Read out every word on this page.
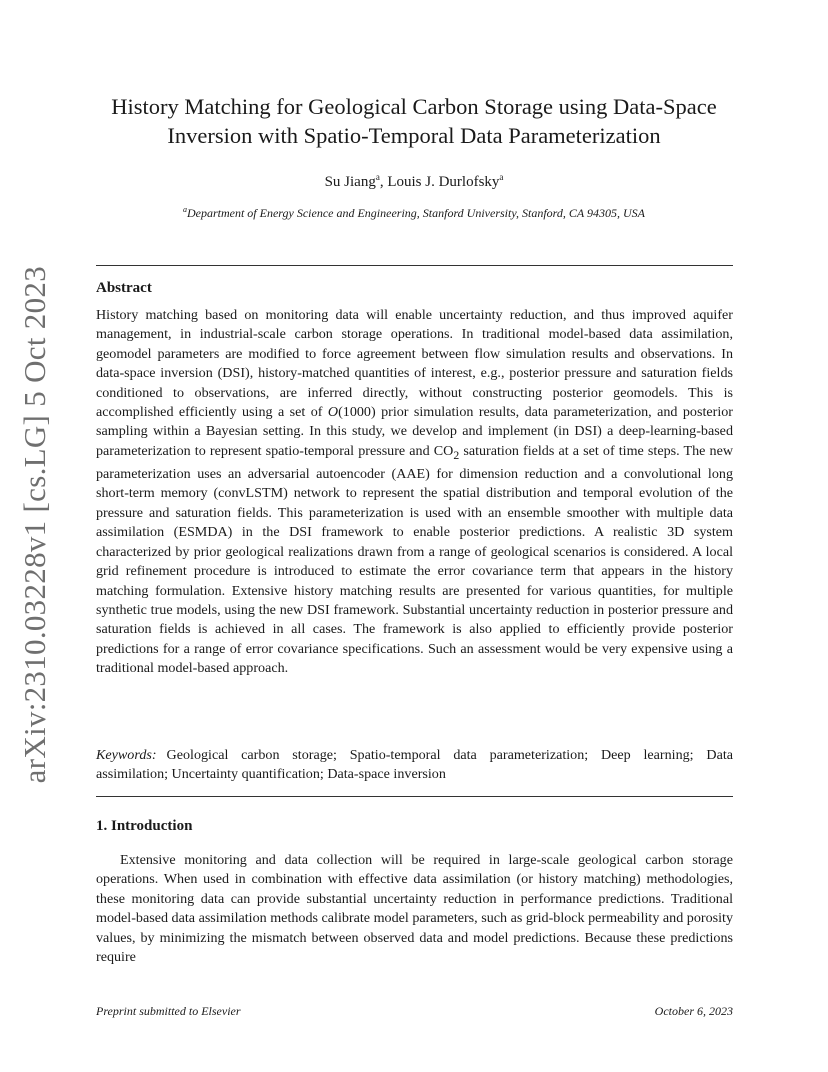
arXiv:2310.03228v1 [cs.LG] 5 Oct 2023
History Matching for Geological Carbon Storage using Data-Space Inversion with Spatio-Temporal Data Parameterization
Su Jiang$^a$, Louis J. Durlofsky$^a$
$^a$Department of Energy Science and Engineering, Stanford University, Stanford, CA 94305, USA
Abstract
History matching based on monitoring data will enable uncertainty reduction, and thus improved aquifer management, in industrial-scale carbon storage operations. In traditional model-based data assimilation, geomodel parameters are modified to force agreement between flow simulation results and observations. In data-space inversion (DSI), history-matched quantities of interest, e.g., posterior pressure and saturation fields conditioned to observations, are inferred directly, without constructing posterior geomodels. This is accomplished efficiently using a set of O(1000) prior simulation results, data parameterization, and posterior sampling within a Bayesian setting. In this study, we develop and implement (in DSI) a deep-learning-based parameterization to represent spatio-temporal pressure and $CO_2$ saturation fields at a set of time steps. The new parameterization uses an adversarial autoencoder (AAE) for dimension reduction and a convolutional long short-term memory (convLSTM) network to represent the spatial distribution and temporal evolution of the pressure and saturation fields. This parameterization is used with an ensemble smoother with multiple data assimilation (ESMDA) in the DSI framework to enable posterior predictions. A realistic 3D system characterized by prior geological realizations drawn from a range of geological scenarios is considered. A local grid refinement procedure is introduced to estimate the error covariance term that appears in the history matching formulation. Extensive history matching results are presented for various quantities, for multiple synthetic true models, using the new DSI framework. Substantial uncertainty reduction in posterior pressure and saturation fields is achieved in all cases. The framework is also applied to efficiently provide posterior predictions for a range of error covariance specifications. Such an assessment would be very expensive using a traditional model-based approach.
Keywords: Geological carbon storage; Spatio-temporal data parameterization; Deep learning; Data assimilation; Uncertainty quantification; Data-space inversion
1. Introduction
Extensive monitoring and data collection will be required in large-scale geological carbon storage operations. When used in combination with effective data assimilation (or history matching) methodologies, these monitoring data can provide substantial uncertainty reduction in performance predictions. Traditional model-based data assimilation methods calibrate model parameters, such as grid-block permeability and porosity values, by minimizing the mismatch between observed data and model predictions. Because these predictions require
Preprint submitted to Elsevier	October 6, 2023
